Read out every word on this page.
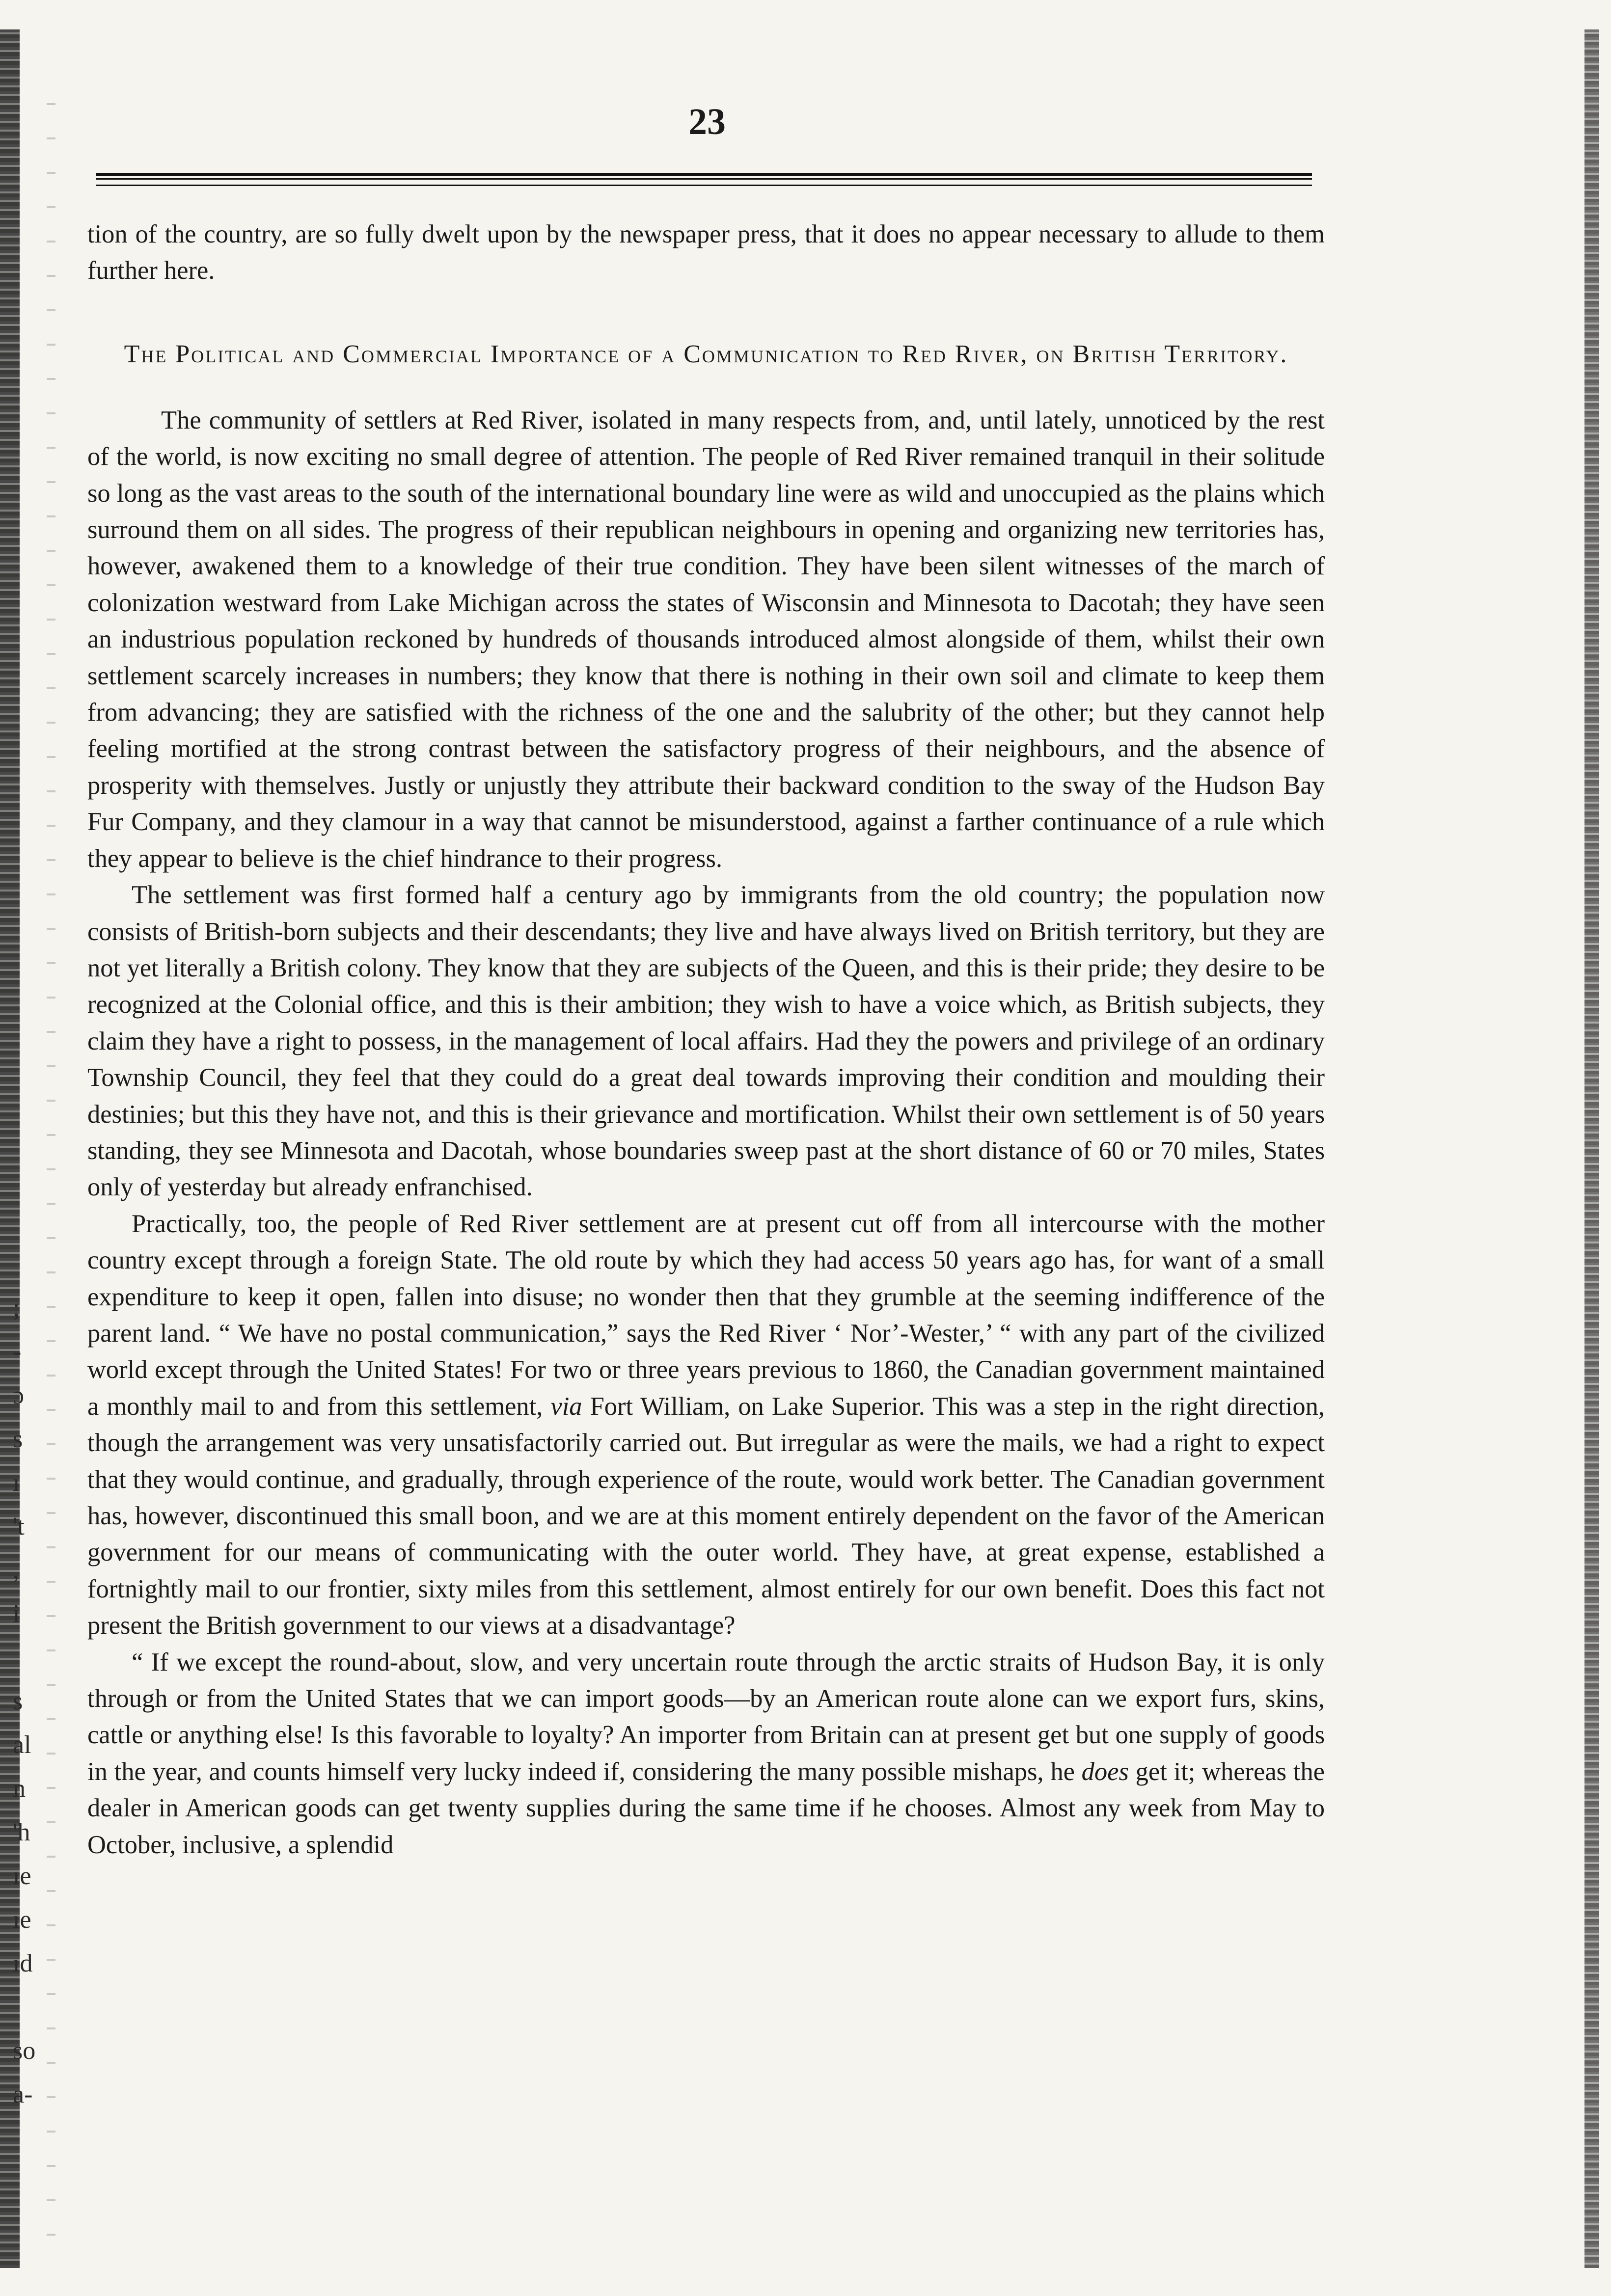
;
-
ɔ
s
ı
't
,
i
s
al
n
'h
ıe
ıe
ıd
so
a-
23

tion of the country, are so fully dwelt upon by the newspaper press, that it does no appear necessary to allude to them further here.

The Political and Commercial Importance of a Communication to Red River, on British Territory.

The community of settlers at Red River, isolated in many respects from, and, until lately, unnoticed by the rest of the world, is now exciting no small degree of attention. The people of Red River remained tranquil in their solitude so long as the vast areas to the south of the international boundary line were as wild and unoccupied as the plains which surround them on all sides. The progress of their republican neighbours in opening and organizing new territories has, however, awakened them to a knowledge of their true condition. They have been silent witnesses of the march of colonization westward from Lake Michigan across the states of Wisconsin and Minnesota to Dacotah; they have seen an industrious population reckoned by hundreds of thousands introduced almost alongside of them, whilst their own settlement scarcely increases in numbers; they know that there is nothing in their own soil and climate to keep them from advancing; they are satisfied with the richness of the one and the salubrity of the other; but they cannot help feeling mortified at the strong contrast between the satisfactory progress of their neighbours, and the absence of prosperity with themselves. Justly or unjustly they attribute their backward condition to the sway of the Hudson Bay Fur Company, and they clamour in a way that cannot be misunderstood, against a farther continuance of a rule which they appear to believe is the chief hindrance to their progress.

The settlement was first formed half a century ago by immigrants from the old country; the population now consists of British-born subjects and their descendants; they live and have always lived on British territory, but they are not yet literally a British colony. They know that they are subjects of the Queen, and this is their pride; they desire to be recognized at the Colonial office, and this is their ambition; they wish to have a voice which, as British subjects, they claim they have a right to possess, in the management of local affairs. Had they the powers and privilege of an ordinary Township Council, they feel that they could do a great deal towards improving their condition and moulding their destinies; but this they have not, and this is their grievance and mortification. Whilst their own settlement is of 50 years standing, they see Minnesota and Dacotah, whose boundaries sweep past at the short distance of 60 or 70 miles, States only of yesterday but already enfranchised.

Practically, too, the people of Red River settlement are at present cut off from all intercourse with the mother country except through a foreign State. The old route by which they had access 50 years ago has, for want of a small expenditure to keep it open, fallen into disuse; no wonder then that they grumble at the seeming indifference of the parent land. “ We have no postal communication,” says the Red River ‘ Nor’-Wester,’ “ with any part of the civilized world except through the United States! For two or three years previous to 1860, the Canadian government maintained a monthly mail to and from this settlement, via Fort William, on Lake Superior. This was a step in the right direction, though the arrangement was very unsatisfactorily carried out. But irregular as were the mails, we had a right to expect that they would continue, and gradually, through experience of the route, would work better. The Canadian government has, however, discontinued this small boon, and we are at this moment entirely dependent on the favor of the American government for our means of communicating with the outer world. They have, at great expense, established a fortnightly mail to our frontier, sixty miles from this settlement, almost entirely for our own benefit. Does this fact not present the British government to our views at a disadvantage?

“ If we except the round-about, slow, and very uncertain route through the arctic straits of Hudson Bay, it is only through or from the United States that we can import goods—by an American route alone can we export furs, skins, cattle or anything else! Is this favorable to loyalty? An importer from Britain can at present get but one supply of goods in the year, and counts himself very lucky indeed if, considering the many possible mishaps, he does get it; whereas the dealer in American goods can get twenty supplies during the same time if he chooses. Almost any week from May to October, inclusive, a splendid
